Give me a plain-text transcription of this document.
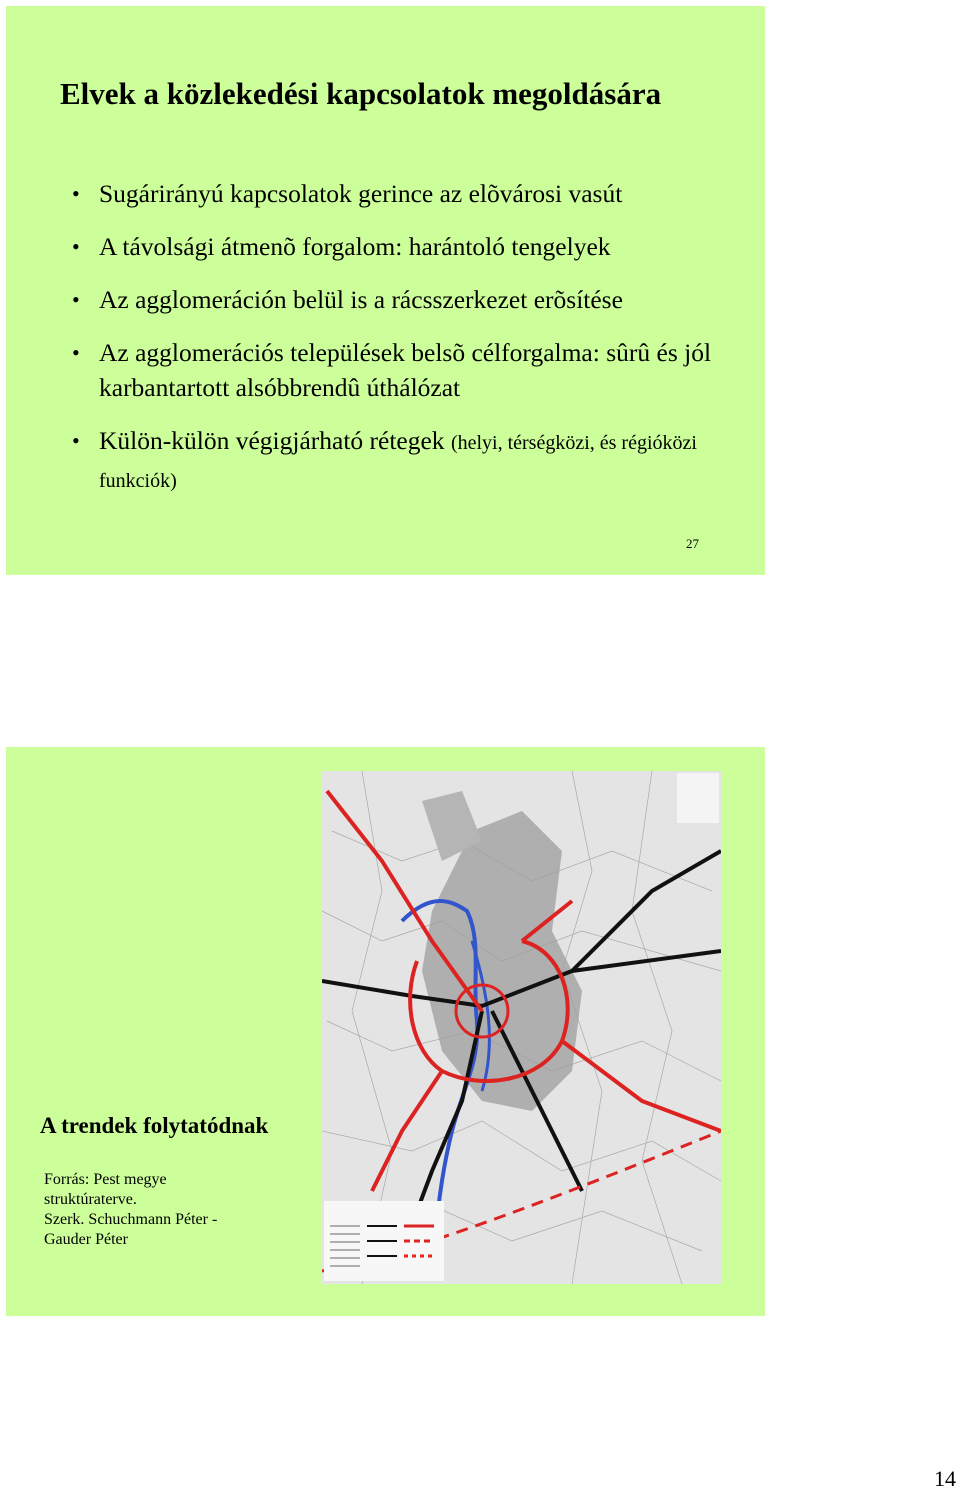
Elvek a közlekedési kapcsolatok megoldására
• Sugárirányú kapcsolatok gerince az elõvárosi vasút
• A távolsági átmenõ forgalom: harántoló tengelyek
• Az agglomeráción belül is a rácsszerkezet erõsítése
• Az agglomerációs települések belsõ célforgalma: sûrû és jól karbantartott alsóbbrendû úthálózat
• Külön-külön végigjárható rétegek (helyi, térségközi, és régióközi funkciók)
27
A trendek folytatódnak
Forrás: Pest megye
struktúraterve.
Szerk. Schuchmann Péter -
Gauder Péter
14
